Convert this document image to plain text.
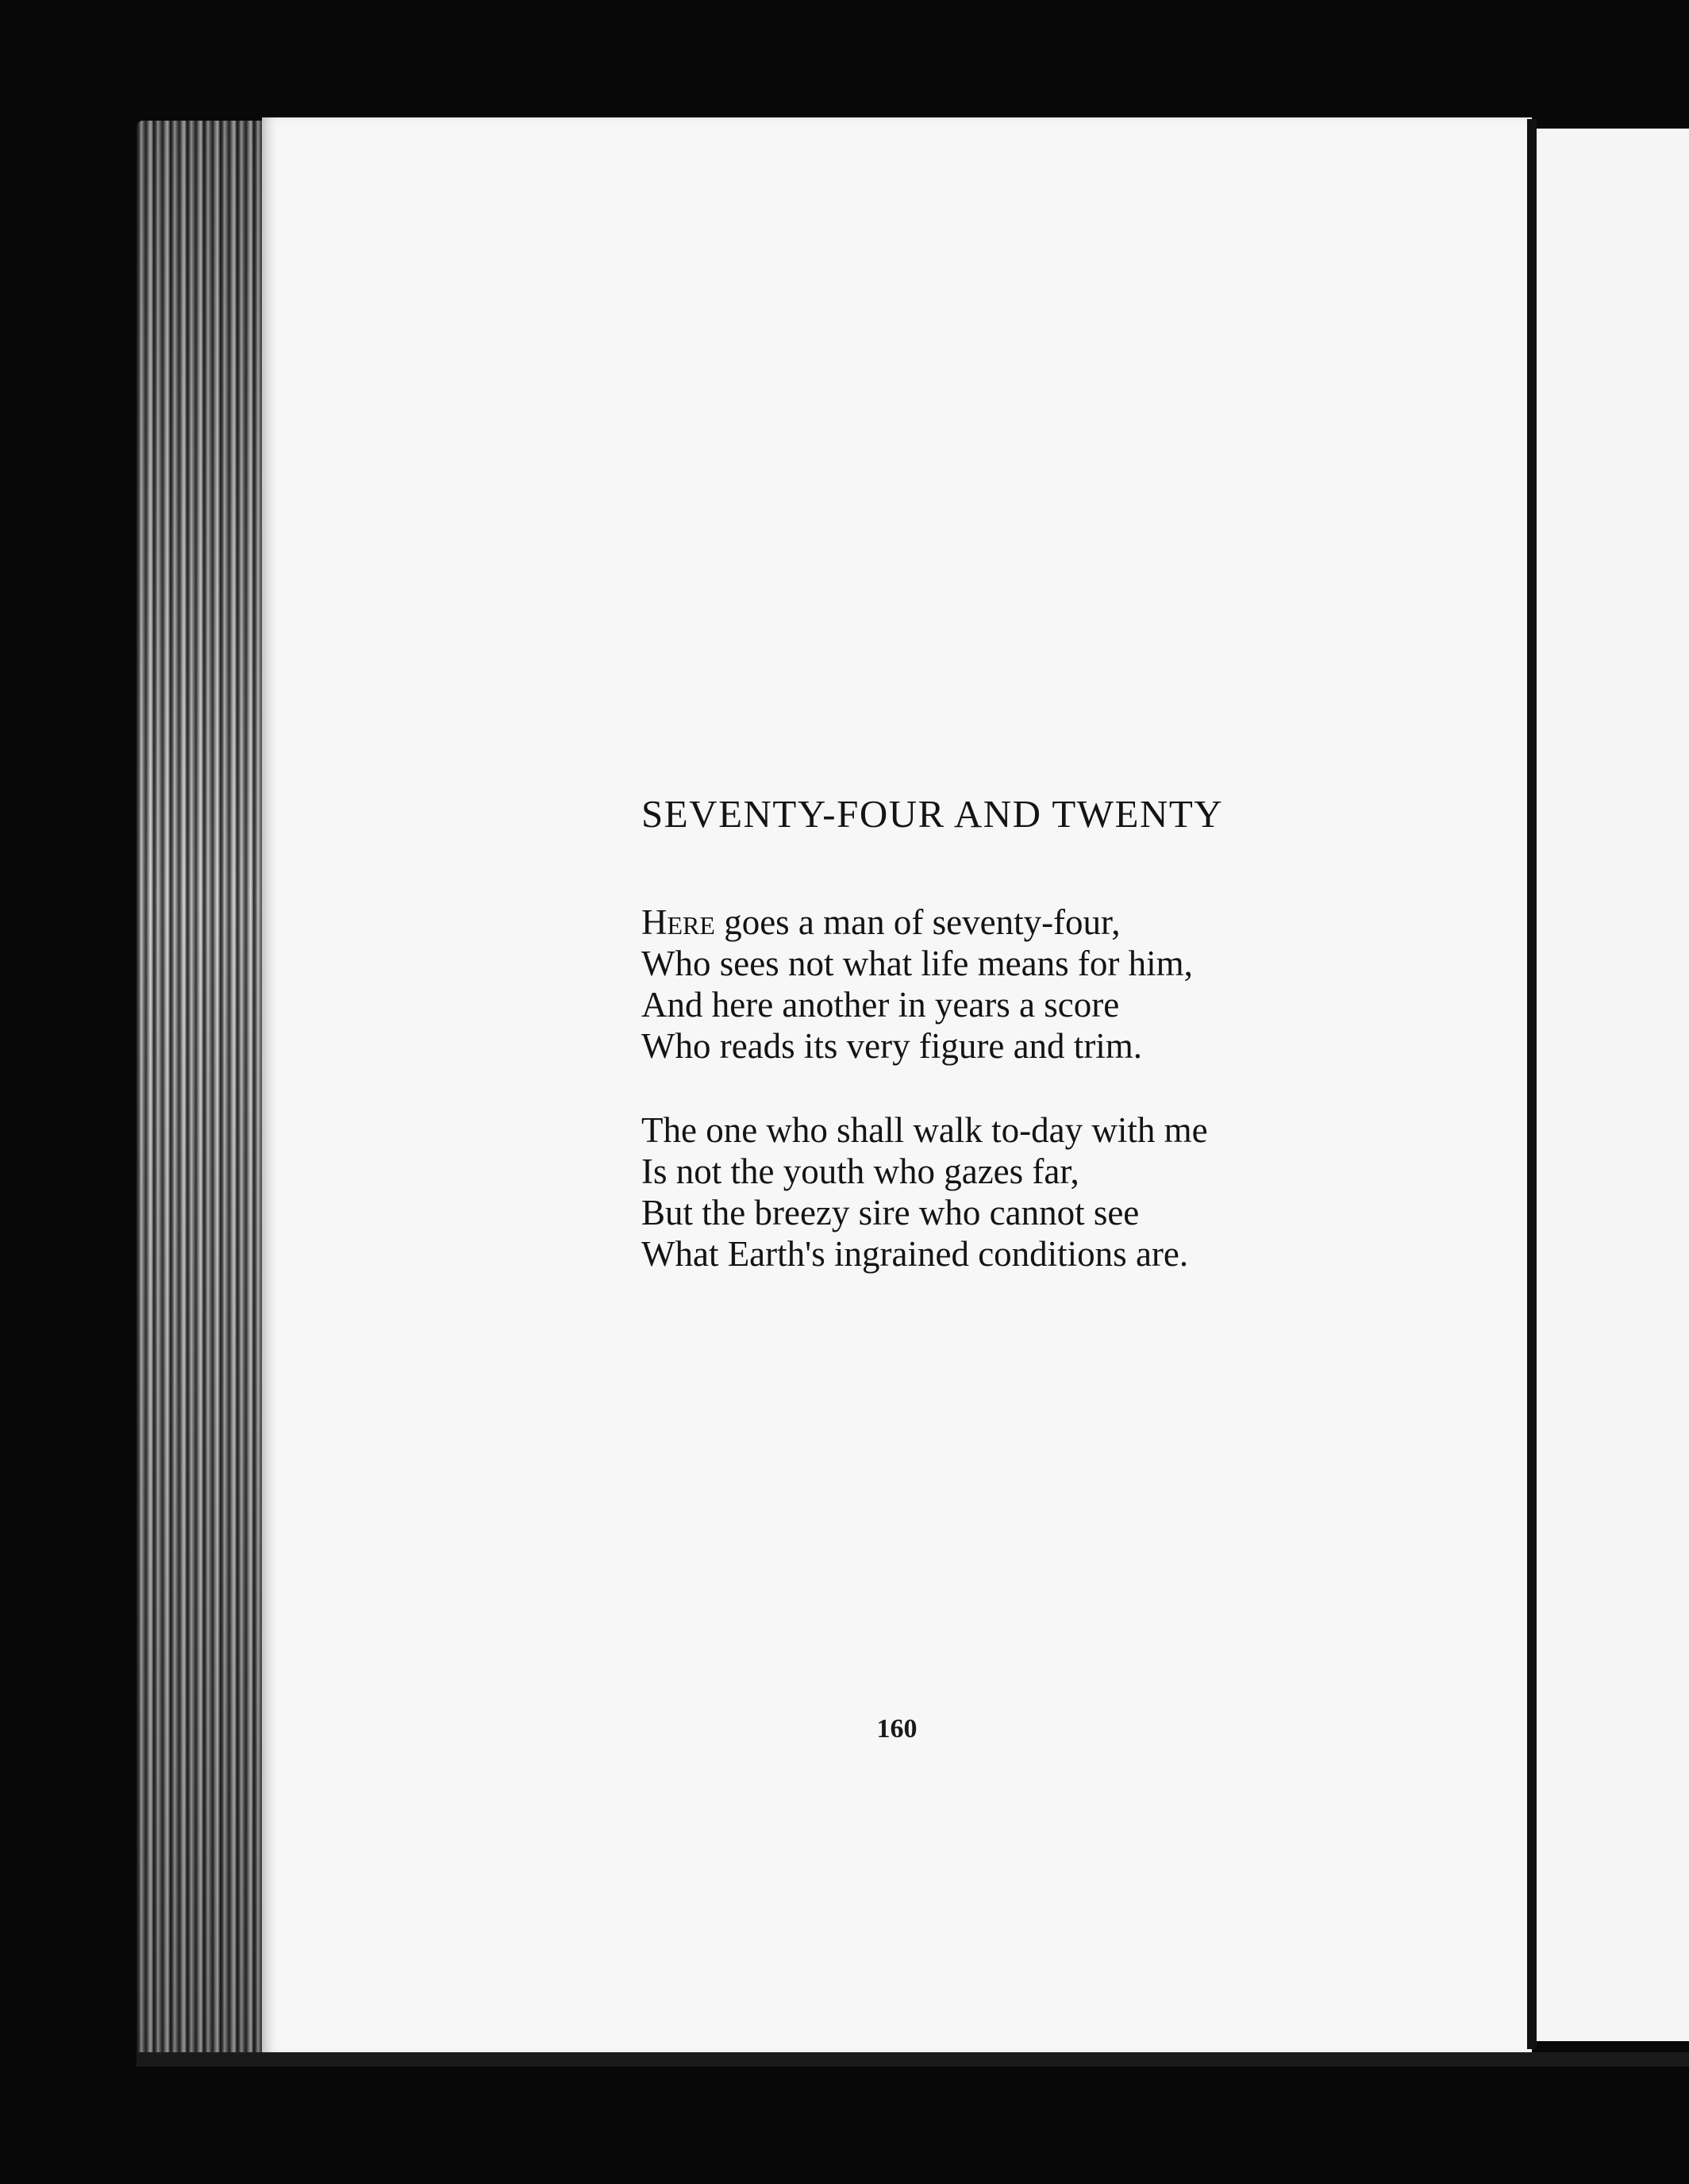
160
SEVENTY-FOUR AND TWENTY
Here goes a man of seventy-four,
Who sees not what life means for him,
And here another in years a score
Who reads its very figure and trim.
The one who shall walk to-day with me
Is not the youth who gazes far,
But the breezy sire who cannot see
What Earth's ingrained conditions are.
